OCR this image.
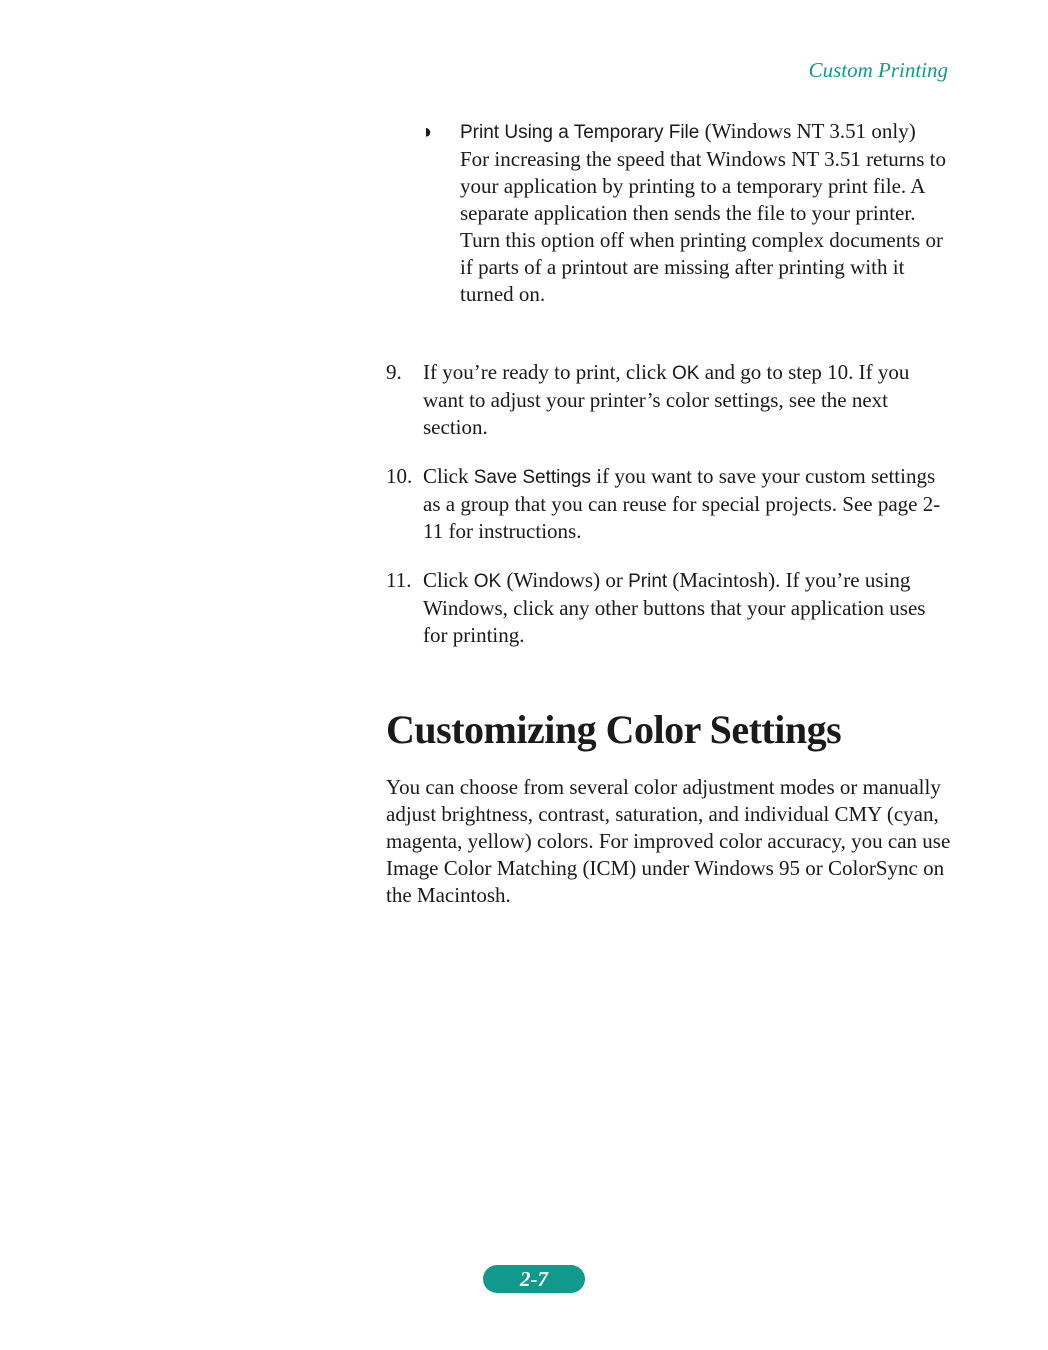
Custom Printing
◗ Print Using a Temporary File (Windows NT 3.51 only)
For increasing the speed that Windows NT 3.51 returns to your application by printing to a temporary print file. A separate application then sends the file to your printer. Turn this option off when printing complex documents or if parts of a printout are missing after printing with it turned on.
9. If you’re ready to print, click OK and go to step 10. If you want to adjust your printer’s color settings, see the next section.
10. Click Save Settings if you want to save your custom settings as a group that you can reuse for special projects. See page 2-11 for instructions.
11. Click OK (Windows) or Print (Macintosh). If you’re using Windows, click any other buttons that your application uses for printing.
Customizing Color Settings
You can choose from several color adjustment modes or manually adjust brightness, contrast, saturation, and individual CMY (cyan, magenta, yellow) colors. For improved color accuracy, you can use Image Color Matching (ICM) under Windows 95 or ColorSync on the Macintosh.
2-7
